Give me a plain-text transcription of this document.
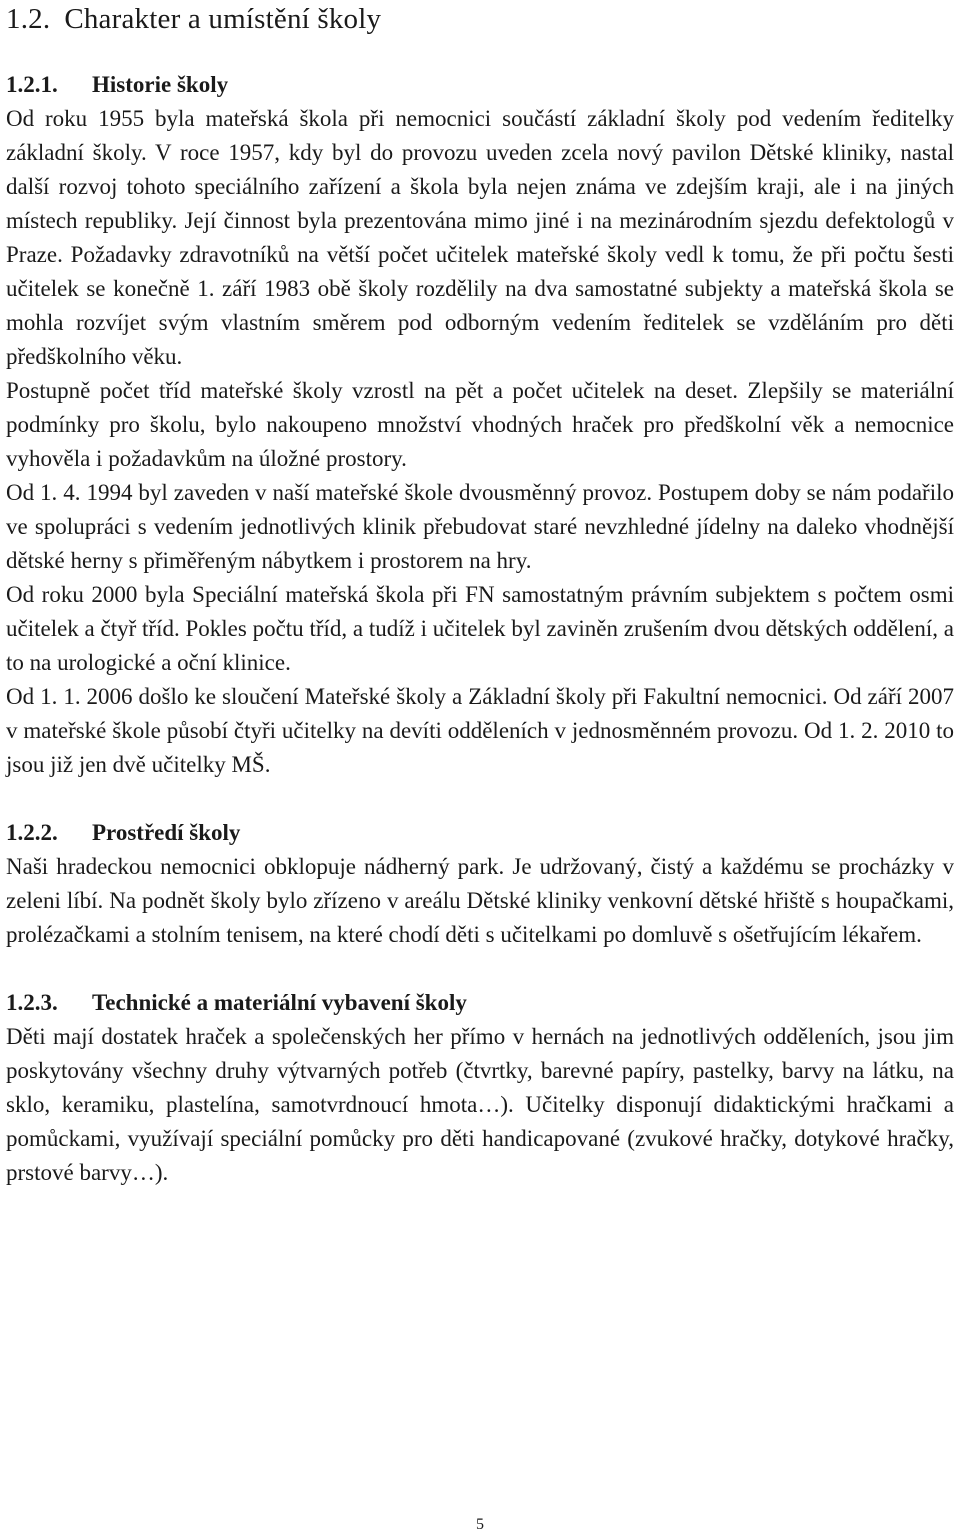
1.2. Charakter a umístění školy
1.2.1. Historie školy

Od roku 1955 byla mateřská škola při nemocnici součástí základní školy pod vedením ředitelky základní školy. V roce 1957, kdy byl do provozu uveden zcela nový pavilon Dětské kliniky, nastal další rozvoj tohoto speciálního zařízení a škola byla nejen známa ve zdejším kraji, ale i na jiných místech republiky. Její činnost byla prezentována mimo jiné i na mezinárodním sjezdu defektologů v Praze. Požadavky zdravotníků na větší počet učitelek mateřské školy vedl k tomu, že při počtu šesti učitelek se konečně 1. září 1983 obě školy rozdělily na dva samostatné subjekty a mateřská škola se mohla rozvíjet svým vlastním směrem pod odborným vedením ředitelek se vzděláním pro děti předškolního věku.

Postupně počet tříd mateřské školy vzrostl na pět a počet učitelek na deset. Zlepšily se materiální podmínky pro školu, bylo nakoupeno množství vhodných hraček pro předškolní věk a nemocnice vyhověla i požadavkům na úložné prostory.

Od 1. 4. 1994 byl zaveden v naší mateřské škole dvousměnný provoz. Postupem doby se nám podařilo ve spolupráci s vedením jednotlivých klinik přebudovat staré nevzhledné jídelny na daleko vhodnější dětské herny s přiměřeným nábytkem i prostorem na hry.

Od roku 2000 byla Speciální mateřská škola při FN samostatným právním subjektem s počtem osmi učitelek a čtyř tříd. Pokles počtu tříd, a tudíž i učitelek byl zaviněn zrušením dvou dětských oddělení, a to na urologické a oční klinice.

Od 1. 1. 2006 došlo ke sloučení Mateřské školy a Základní školy při Fakultní nemocnici. Od září 2007 v mateřské škole působí čtyři učitelky na devíti odděleních v jednosměnném provozu. Od 1. 2. 2010 to jsou již jen dvě učitelky MŠ.

1.2.2. Prostředí školy

Naši hradeckou nemocnici obklopuje nádherný park. Je udržovaný, čistý a každému se procházky v zeleni líbí. Na podnět školy bylo zřízeno v areálu Dětské kliniky venkovní dětské hřiště s houpačkami, prolézačkami a stolním tenisem, na které chodí děti s učitelkami po domluvě s ošetřujícím lékařem.

1.2.3. Technické a materiální vybavení školy

Děti mají dostatek hraček a společenských her přímo v hernách na jednotlivých odděleních, jsou jim poskytovány všechny druhy výtvarných potřeb (čtvrtky, barevné papíry, pastelky, barvy na látku, na sklo, keramiku, plastelína, samotvrdnoucí hmota…). Učitelky disponují didaktickými hračkami a pomůckami, využívají speciální pomůcky pro děti handicapované (zvukové hračky, dotykové hračky, prstové barvy…).

5
